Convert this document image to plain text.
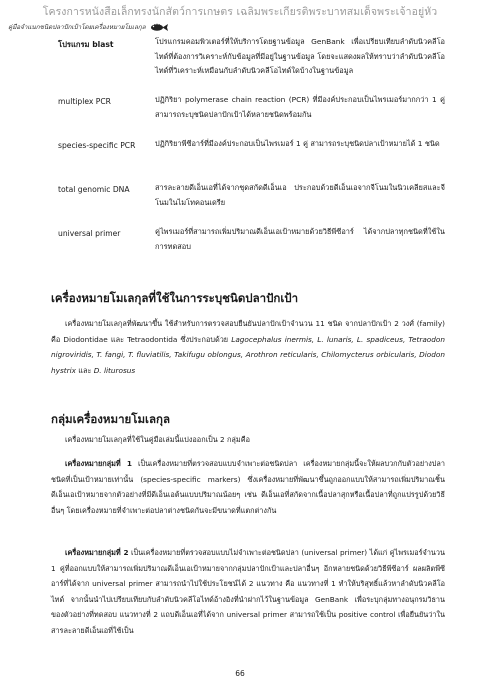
โครงการหนังสือเล็กทรงนักสัตว์การเกษตร เฉลิมพระเกียรติพระบาทสมเด็จพระเจ้าอยู่หัว
คู่มือจำแนกชนิดปลาปักเป้าโดยเครื่องหมายโมเลกุล
โปรแกรม blast	โปรแกรมคอมพิวเตอร์ที่ให้บริการโดยฐานข้อมูล GenBank เพื่อเปรียบเทียบลำดับนิวคลีโอไทด์ที่ต้องการวิเคราะห์กับข้อมูลที่มีอยู่ในฐานข้อมูล โดยจะแสดงผลให้ทราบว่าลำดับนิวคลีโอไทด์ที่วิเคราะห์เหมือนกับลำดับนิวคลีโอไทด์ใดบ้างในฐานข้อมูล
multiplex PCR	ปฏิกิริยา polymerase chain reaction (PCR) ที่มีองค์ประกอบเป็นไพรเมอร์มากกว่า 1 คู่ สามารถระบุชนิดปลาปักเป้าได้หลายชนิดพร้อมกัน
species-specific PCR	ปฏิกิริยาพีซีอาร์ที่มีองค์ประกอบเป็นไพรเมอร์ 1 คู่ สามารถระบุชนิดปลาเป้าหมายได้ 1 ชนิด
total genomic DNA	สารละลายดีเอ็นเอที่ได้จากชุดสกัดดีเอ็นเอ ประกอบด้วยดีเอ็นเอจากจีโนมในนิวเคลียสและจีโนมในไมโทคอนเดรีย
universal primer	คู่ไพรเมอร์ที่สามารถเพิ่มปริมาณดีเอ็นเอเป้าหมายด้วยวิธีพีซีอาร์ ได้จากปลาทุกชนิดที่ใช้ในการทดสอบ
เครื่องหมายโมเลกุลที่ใช้ในการระบุชนิดปลาปักเป้า
เครื่องหมายโมเลกุลที่พัฒนาขึ้น ใช้สำหรับการตรวจสอบยืนยันปลาปักเป้าจำนวน 11 ชนิด จากปลาปักเป้า 2 วงศ์ (family) คือ Diodontidae และ Tetraodontida ซึ่งประกอบด้วย Lagocephalus inermis, L. lunaris, L. spadiceus, Tetraodon nigroviridis, T. fangi, T. fluviatilis, Takifugu oblongus, Arothron reticularis, Chilomycterus orbicularis, Diodon hystrix และ D. liturosus
กลุ่มเครื่องหมายโมเลกุล
เครื่องหมายโมเลกุลที่ใช้ในคู่มือเล่มนี้แบ่งออกเป็น 2 กลุ่มคือ
เครื่องหมายกลุ่มที่ 1 เป็นเครื่องหมายที่ตรวจสอบแบบจำเพาะต่อชนิดปลา เครื่องหมายกลุ่มนี้จะให้ผลบวกกับตัวอย่างปลาชนิดที่เป็นเป้าหมายเท่านั้น (species-specific markers) ซึ่งเครื่องหมายที่พัฒนาขึ้นถูกออกแบบให้สามารถเพิ่มปริมาณชิ้นดีเอ็นเอเป้าหมายจากตัวอย่างที่มีดีเอ็นเอต้นแบบปริมาณน้อยๆ เช่น ดีเอ็นเอที่สกัดจากเนื้อปลาสุกหรือเนื้อปลาที่ถูกแปรรูปด้วยวิธีอื่นๆ โดยเครื่องหมายที่จำเพาะต่อปลาต่างชนิดกันจะมีขนาดที่แตกต่างกัน
เครื่องหมายกลุ่มที่ 2 เป็นเครื่องหมายที่ตรวจสอบแบบไม่จำเพาะต่อชนิดปลา (universal primer) ได้แก่ คู่ไพรเมอร์จำนวน 1 คู่ที่ออกแบบให้สามารถเพิ่มปริมาณดีเอ็นเอเป้าหมายจากกลุ่มปลาปักเป้าและปลาอื่นๆ อีกหลายชนิดด้วยวิธีพีซีอาร์ ผลผลิตพีซีอาร์ที่ได้จาก universal primer สามารถนำไปใช้ประโยชน์ได้ 2 แนวทาง คือ แนวทางที่ 1 ทำให้บริสุทธิ์แล้วหาลำดับนิวคลีโอไทด์ จากนั้นนำไปเปรียบเทียบกับลำดับนิวคลีโอไทด์อ้างอิงที่นำฝากไว้ในฐานข้อมูล GenBank เพื่อระบุกลุ่มทางอนุกรมวิธานของตัวอย่างที่ทดสอบ แนวทางที่ 2 แถบดีเอ็นเอที่ได้จาก universal primer สามารถใช้เป็น positive control เพื่อยืนยันว่าในสารละลายดีเอ็นเอที่ใช้เป็น
66
